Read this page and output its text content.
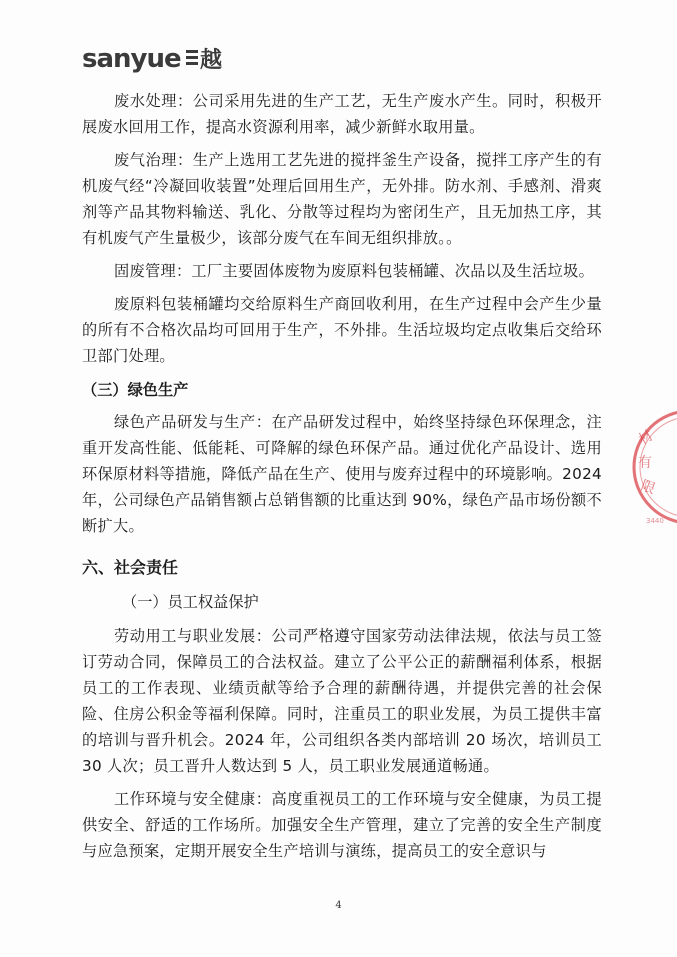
sanyue 越

废水处理：公司采用先进的生产工艺，无生产废水产生。同时，积极开展废水回用工作，提高水资源利用率，减少新鲜水取用量。

废气治理：生产上选用工艺先进的搅拌釜生产设备，搅拌工序产生的有机废气经“冷凝回收装置”处理后回用生产，无外排。防水剂、手感剂、滑爽剂等产品其物料输送、乳化、分散等过程均为密闭生产，且无加热工序，其有机废气产生量极少，该部分废气在车间无组织排放。。

固废管理：工厂主要固体废物为废原料包装桶罐、次品以及生活垃圾。

废原料包装桶罐均交给原料生产商回收利用，在生产过程中会产生少量的所有不合格次品均可回用于生产，不外排。生活垃圾均定点收集后交给环卫部门处理。

（三）绿色生产

绿色产品研发与生产：在产品研发过程中，始终坚持绿色环保理念，注重开发高性能、低能耗、可降解的绿色环保产品。通过优化产品设计、选用环保原材料等措施，降低产品在生产、使用与废弃过程中的环境影响。2024 年，公司绿色产品销售额占总销售额的比重达到 90%，绿色产品市场份额不断扩大。

六、社会责任
（一）员工权益保护

劳动用工与职业发展：公司严格遵守国家劳动法律法规，依法与员工签订劳动合同，保障员工的合法权益。建立了公平公正的薪酬福利体系，根据员工的工作表现、业绩贡献等给予合理的薪酬待遇，并提供完善的社会保险、住房公积金等福利保障。同时，注重员工的职业发展，为员工提供丰富的培训与晋升机会。2024 年，公司组织各类内部培训 20 场次，培训员工 30 人次；员工晋升人数达到 5 人，员工职业发展通道畅通。

工作环境与安全健康：高度重视员工的工作环境与安全健康，为员工提供安全、舒适的工作场所。加强安全生产管理，建立了完善的安全生产制度与应急预案，定期开展安全生产培训与演练，提高员工的安全意识与

材
有
限
3440
4
